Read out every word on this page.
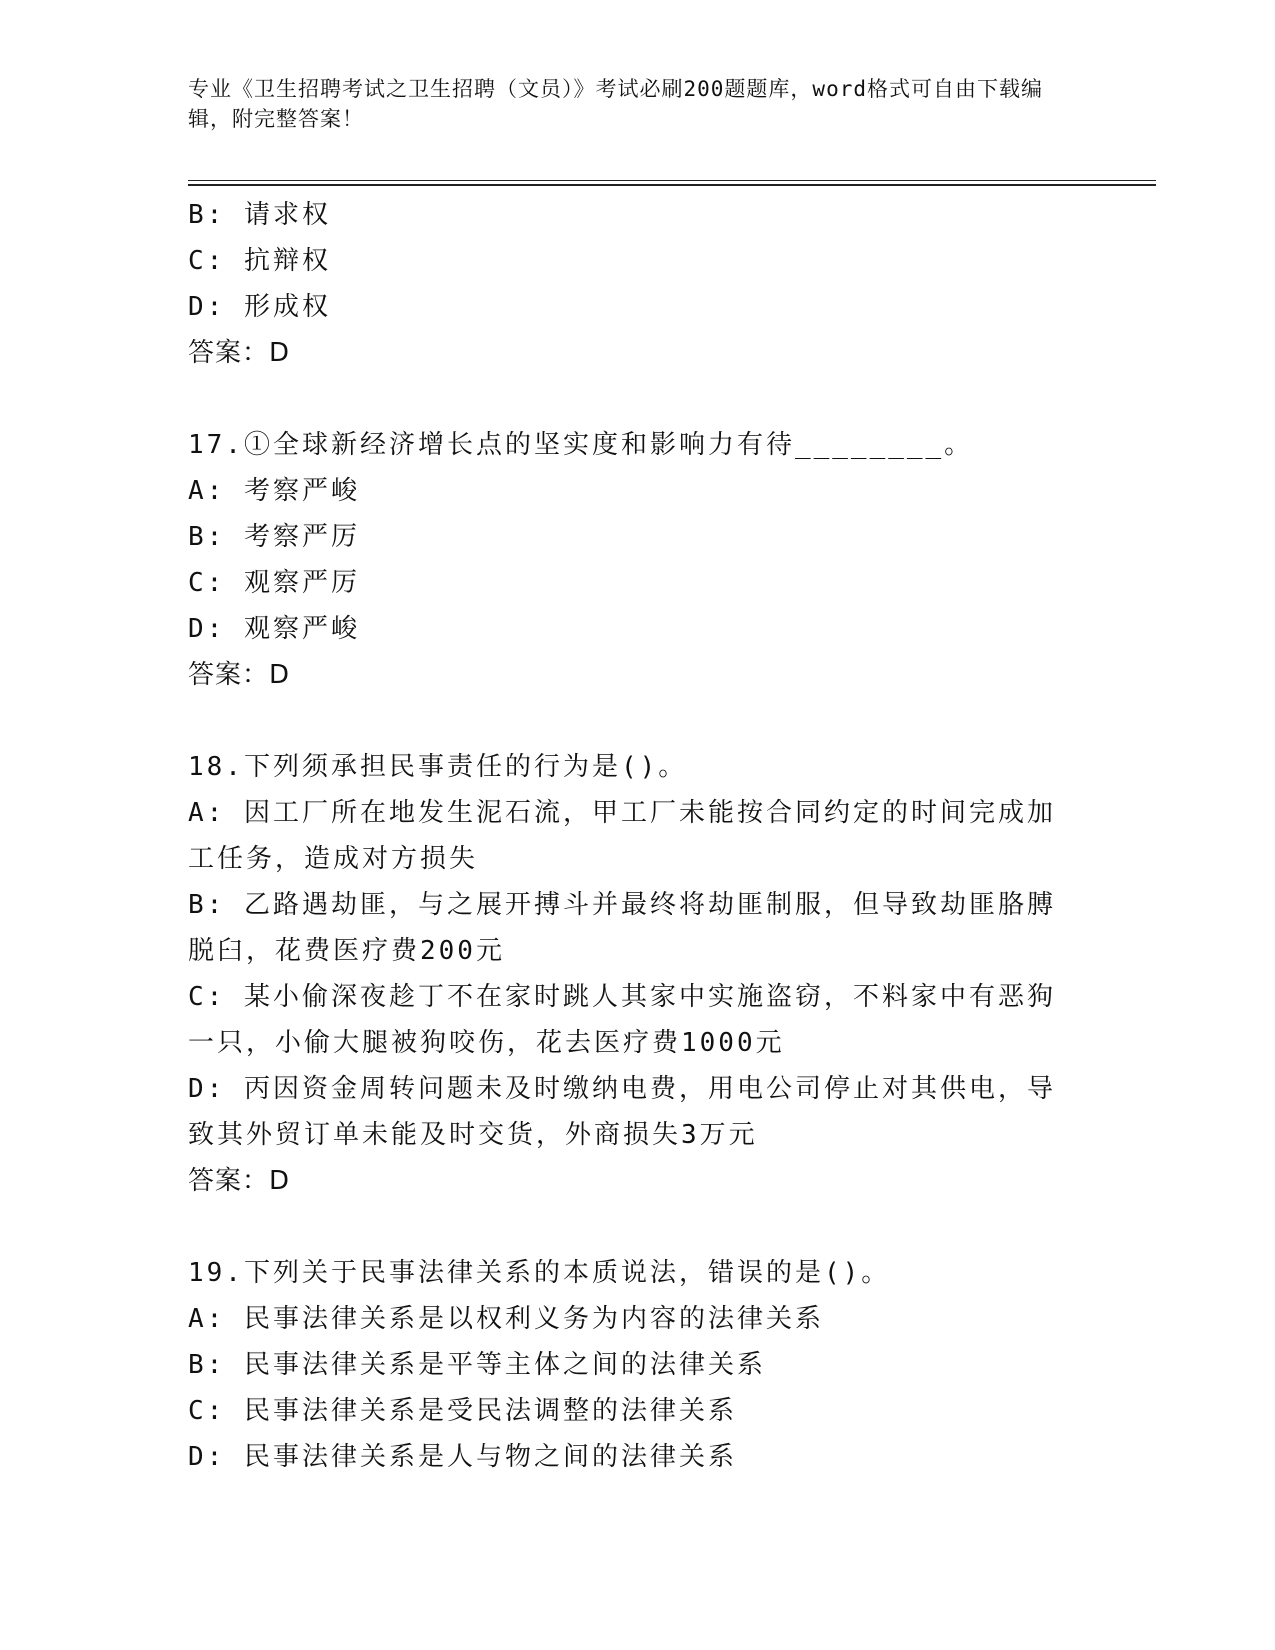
专业《卫生招聘考试之卫生招聘（文员）》考试必刷200题题库，word格式可自由下载编辑，附完整答案！
B: 请求权
C: 抗辩权
D: 形成权
答案：D
17.①全球新经济增长点的坚实度和影响力有待________。
A: 考察严峻
B: 考察严厉
C: 观察严厉
D: 观察严峻
答案：D
18.下列须承担民事责任的行为是()。
A: 因工厂所在地发生泥石流，甲工厂未能按合同约定的时间完成加工任务，造成对方损失
B: 乙路遇劫匪，与之展开搏斗并最终将劫匪制服，但导致劫匪胳膊脱臼，花费医疗费200元
C: 某小偷深夜趁丁不在家时跳人其家中实施盗窃，不料家中有恶狗一只，小偷大腿被狗咬伤，花去医疗费1000元
D: 丙因资金周转问题未及时缴纳电费，用电公司停止对其供电，导致其外贸订单未能及时交货，外商损失3万元
答案：D
19.下列关于民事法律关系的本质说法，错误的是()。
A: 民事法律关系是以权利义务为内容的法律关系
B: 民事法律关系是平等主体之间的法律关系
C: 民事法律关系是受民法调整的法律关系
D: 民事法律关系是人与物之间的法律关系
